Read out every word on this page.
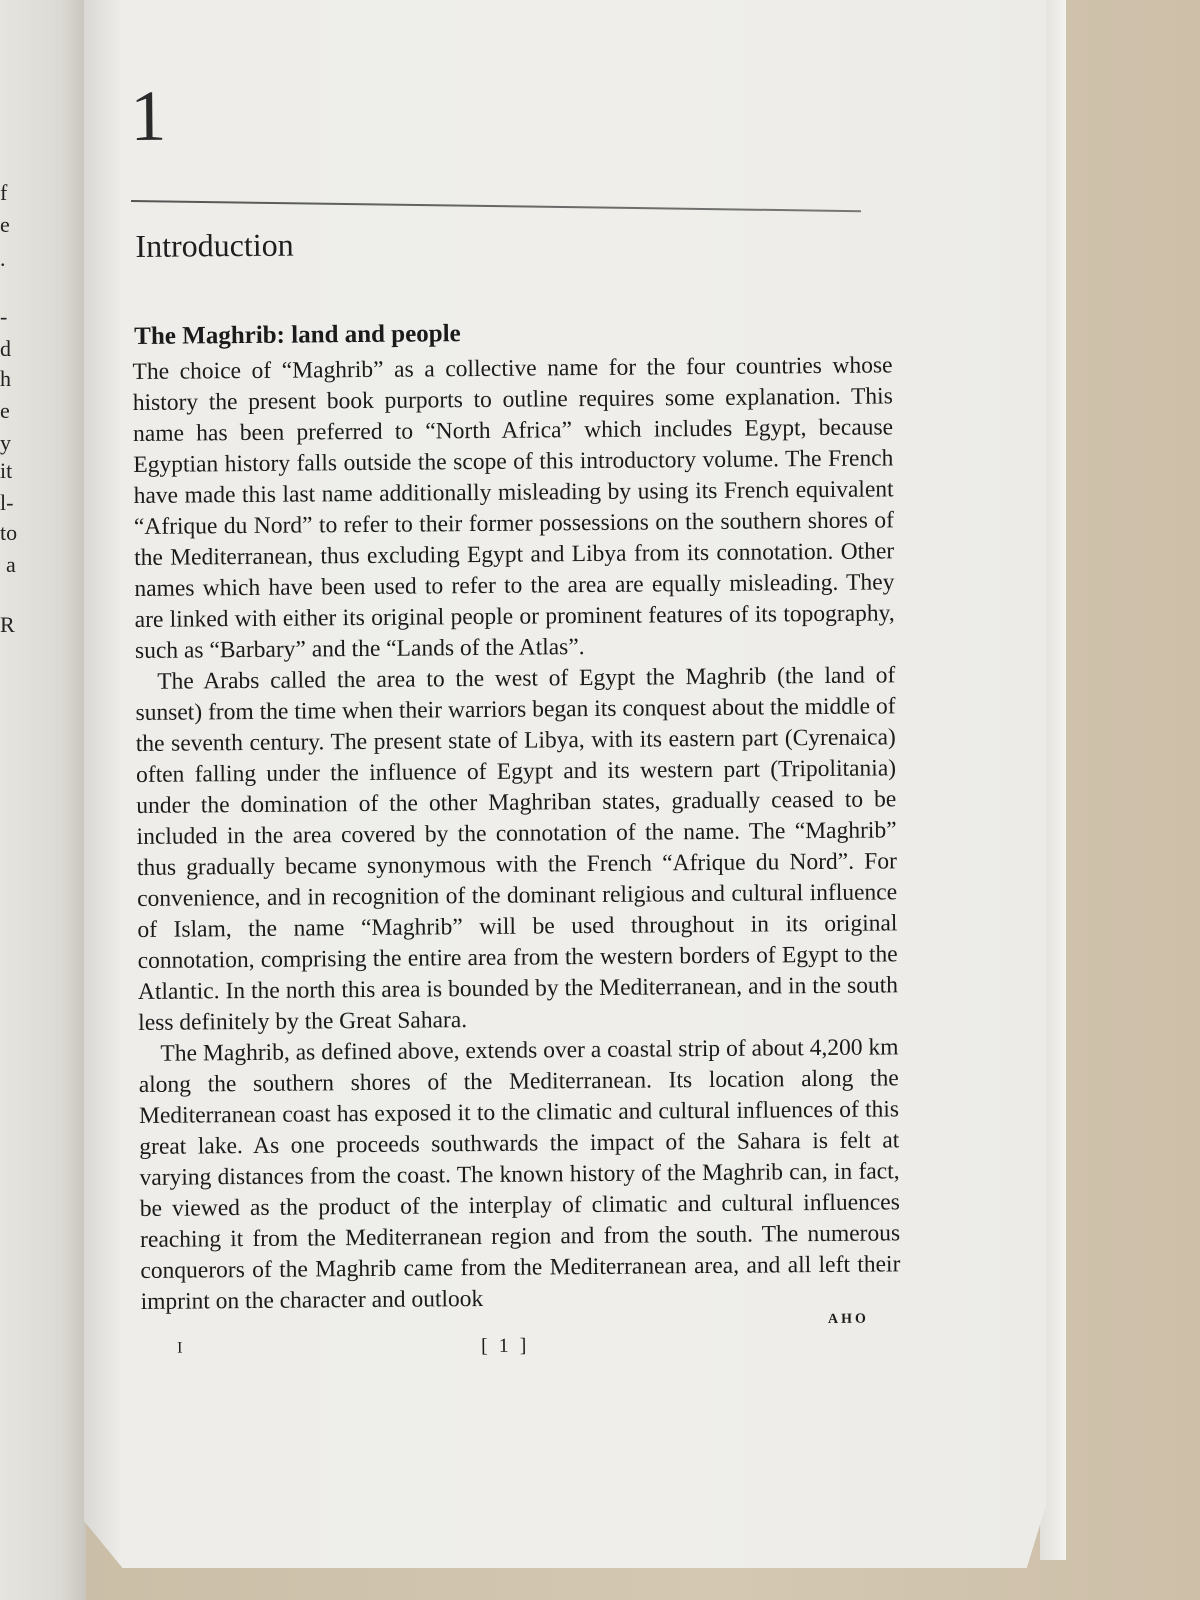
f
e
.
-
d
h
e
y
it
l-
to
a
R
1
Introduction
The Maghrib: land and people

The choice of “Maghrib” as a collective name for the four countries whose history the present book purports to outline requires some explanation. This name has been preferred to “North Africa” which includes Egypt, because Egyptian history falls outside the scope of this introductory volume. The French have made this last name additionally misleading by using its French equivalent “Afrique du Nord” to refer to their former possessions on the southern shores of the Mediterranean, thus excluding Egypt and Libya from its connotation. Other names which have been used to refer to the area are equally misleading. They are linked with either its original people or prominent features of its topography, such as “Barbary” and the “Lands of the Atlas”.

The Arabs called the area to the west of Egypt the Maghrib (the land of sunset) from the time when their warriors began its conquest about the middle of the seventh century. The present state of Libya, with its eastern part (Cyrenaica) often falling under the influence of Egypt and its western part (Tripolitania) under the domination of the other Maghriban states, gradually ceased to be included in the area covered by the connotation of the name. The “Maghrib” thus gradually became synonymous with the French “Afrique du Nord”. For convenience, and in recognition of the dominant religious and cultural influence of Islam, the name “Maghrib” will be used throughout in its original connotation, comprising the entire area from the western borders of Egypt to the Atlantic. In the north this area is bounded by the Mediterranean, and in the south less definitely by the Great Sahara.

The Maghrib, as defined above, extends over a coastal strip of about 4,200 km along the southern shores of the Mediterranean. Its location along the Mediterranean coast has exposed it to the climatic and cultural influences of this great lake. As one proceeds southwards the impact of the Sahara is felt at varying distances from the coast. The known history of the Maghrib can, in fact, be viewed as the product of the interplay of climatic and cultural influences reaching it from the Mediterranean region and from the south. The numerous conquerors of the Maghrib came from the Mediterranean area, and all left their imprint on the character and outlook

AHO
I	[ 1 ]
